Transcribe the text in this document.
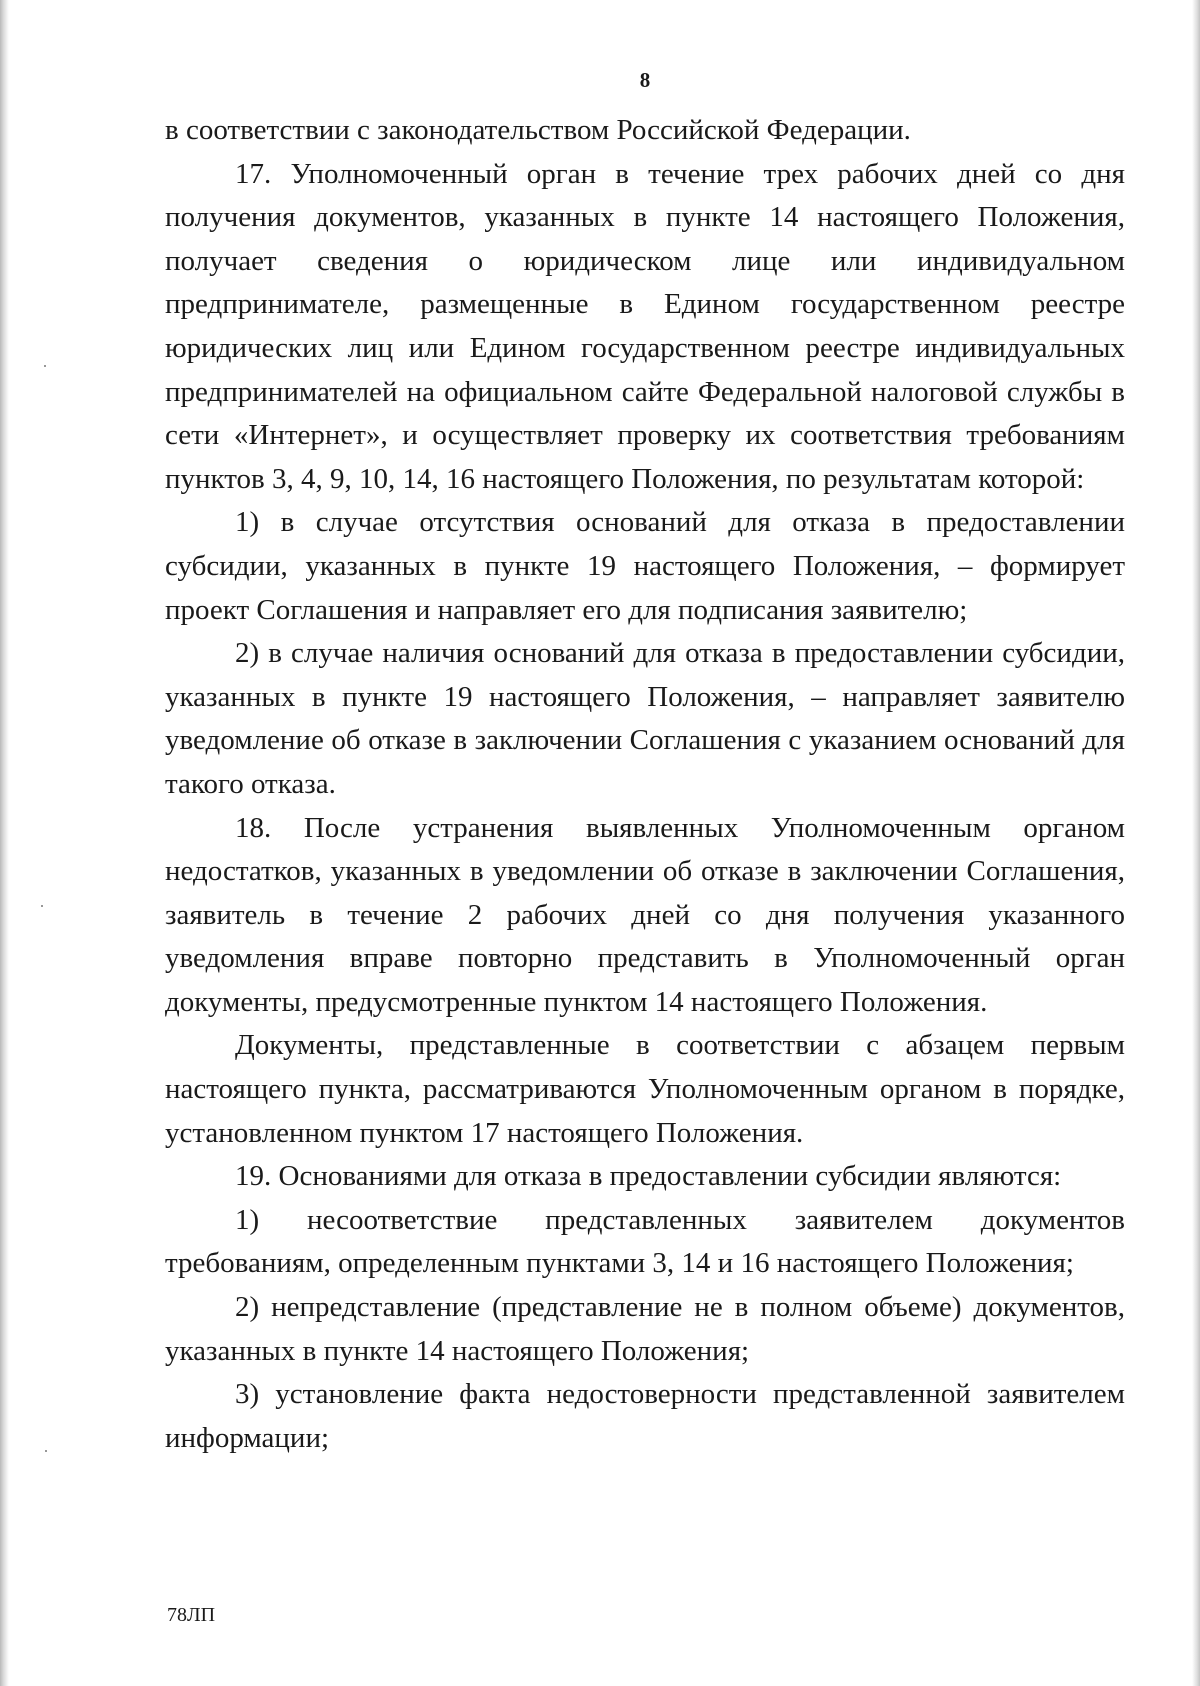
8

в соответствии с законодательством Российской Федерации.

17. Уполномоченный орган в течение трех рабочих дней со дня получения документов, указанных в пункте 14 настоящего Положения, получает сведения о юридическом лице или индивидуальном предпринимателе, размещенные в Едином государственном реестре юридических лиц или Едином государственном реестре индивидуальных предпринимателей на официальном сайте Федеральной налоговой службы в сети «Интернет», и осуществляет проверку их соответствия требованиям пунктов 3, 4, 9, 10, 14, 16 настоящего Положения, по результатам которой:

1) в случае отсутствия оснований для отказа в предоставлении субсидии, указанных в пункте 19 настоящего Положения, – формирует проект Соглашения и направляет его для подписания заявителю;

2) в случае наличия оснований для отказа в предоставлении субсидии, указанных в пункте 19 настоящего Положения, – направляет заявителю уведомление об отказе в заключении Соглашения с указанием оснований для такого отказа.

18. После устранения выявленных Уполномоченным органом недостатков, указанных в уведомлении об отказе в заключении Соглашения, заявитель в течение 2 рабочих дней со дня получения указанного уведомления вправе повторно представить в Уполномоченный орган документы, предусмотренные пунктом 14 настоящего Положения.

Документы, представленные в соответствии с абзацем первым настоящего пункта, рассматриваются Уполномоченным органом в порядке, установленном пунктом 17 настоящего Положения.

19. Основаниями для отказа в предоставлении субсидии являются:

1) несоответствие представленных заявителем документов требованиям, определенным пунктами 3, 14 и 16 настоящего Положения;

2) непредставление (представление не в полном объеме) документов, указанных в пункте 14 настоящего Положения;

3) установление факта недостоверности представленной заявителем информации;

78ЛП
